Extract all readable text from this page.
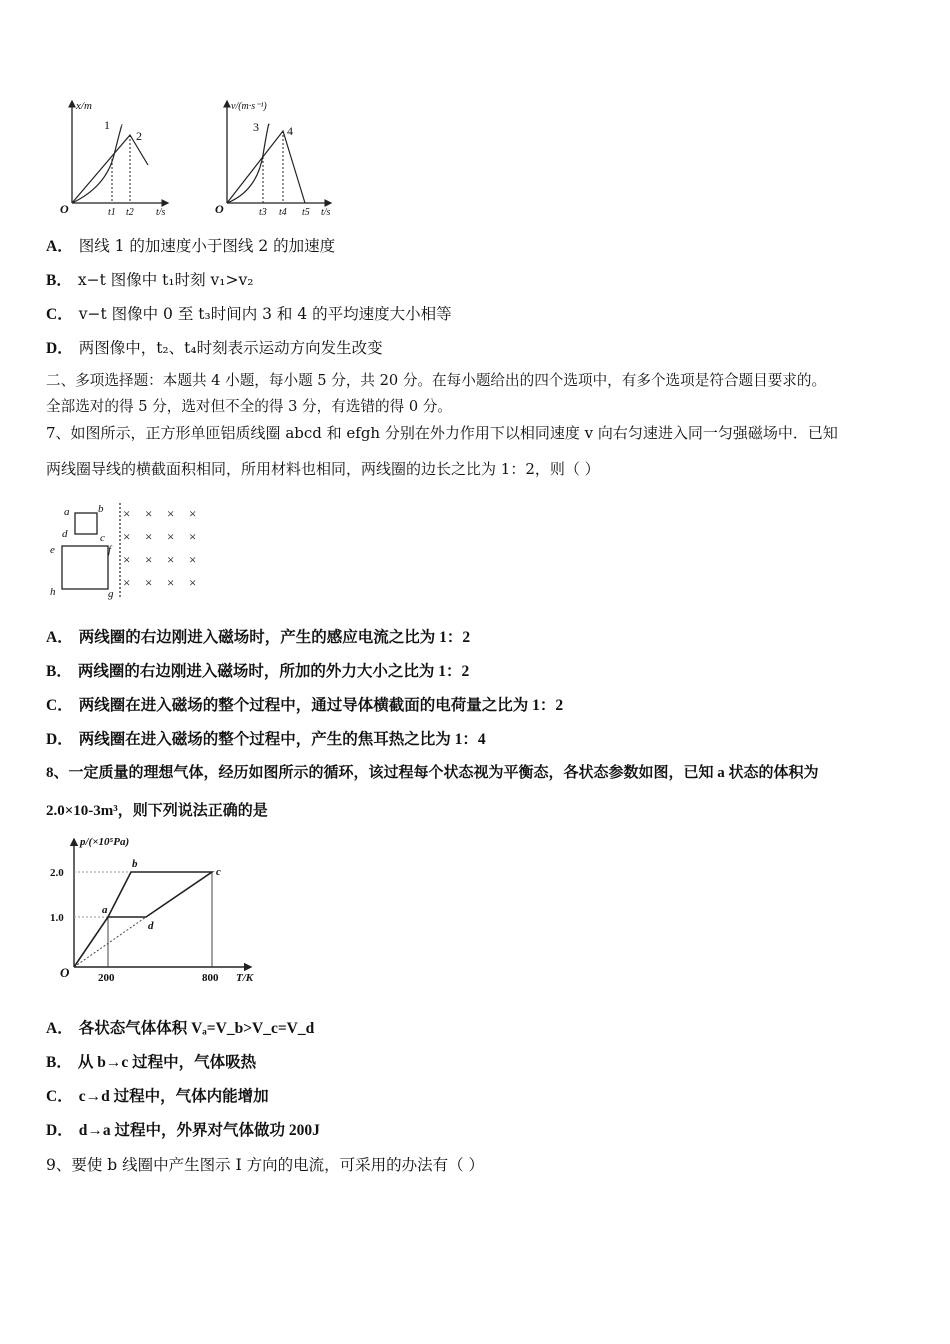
x/m
t/s
O
1
2
t1 t2
v/(m·s⁻¹)
t/s
O
3 4
t3 t4 t5
A． 图线 1 的加速度小于图线 2 的加速度
B． x−t 图像中 t₁时刻 v₁>v₂
C． v−t 图像中 0 至 t₃时间内 3 和 4 的平均速度大小相等
D． 两图像中，t₂、t₄时刻表示运动方向发生改变
二、多项选择题：本题共 4 小题，每小题 5 分，共 20 分。在每小题给出的四个选项中，有多个选项是符合题目要求的。
全部选对的得 5 分，选对但不全的得 3 分，有选错的得 0 分。
7、如图所示，正方形单匝铝质线圈 abcd 和 efgh 分别在外力作用下以相同速度 v 向右匀速进入同一匀强磁场中．已知
两线圈导线的横截面积相同，所用材料也相同，两线圈的边长之比为 1：2，则（ ）
a	b
c
d
e	f
g
h
× × × ×
× × × ×
× × × ×
× × × ×
A． 两线圈的右边刚进入磁场时，产生的感应电流之比为 1：2
B． 两线圈的右边刚进入磁场时，所加的外力大小之比为 1：2
C． 两线圈在进入磁场的整个过程中，通过导体横截面的电荷量之比为 1：2
D． 两线圈在进入磁场的整个过程中，产生的焦耳热之比为 1：4
8、一定质量的理想气体，经历如图所示的循环，该过程每个状态视为平衡态，各状态参数如图，已知 a 状态的体积为
2.0×10-3m³，则下列说法正确的是
p/(×10⁵Pa)
T/K
O
2.0
1.0
200	800
a
b
c
d
A． 各状态气体体积 Vₐ=V_b>V_c=V_d
B． 从 b→c 过程中，气体吸热
C． c→d 过程中，气体内能增加
D． d→a 过程中，外界对气体做功 200J
9、要使 b 线圈中产生图示 I 方向的电流，可采用的办法有（ ）
